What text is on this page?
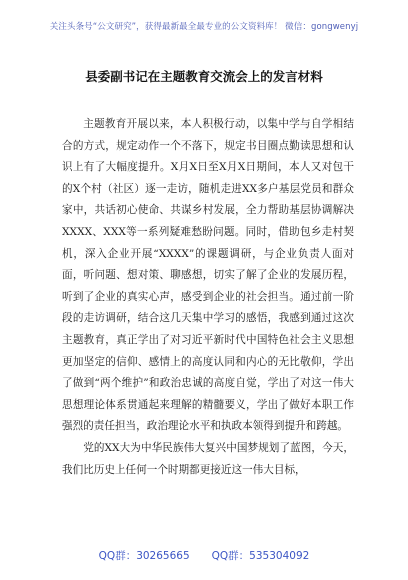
关注头条号“公文研究”，获得最新最全最专业的公文资料库！ 微信：gongwenyj
县委副书记在主题教育交流会上的发言材料

主题教育开展以来，本人积极行动，以集中学与自学相结合的方式，规定动作一个不落下，规定书目圈点勤读思想和认识上有了大幅度提升。X月X日至X月X日期间，本人又对包干的X个村（社区）逐一走访，随机走进XX多户基层党员和群众家中，共话初心使命、共谋乡村发展，全力帮助基层协调解决XXXX、XXX等一系列疑难愁盼问题。同时，借助包乡走村契机，深入企业开展“XXXX”的课题调研，与企业负责人面对面，听问题、想对策、聊感想，切实了解了企业的发展历程，听到了企业的真实心声，感受到企业的社会担当。通过前一阶段的走访调研，结合这几天集中学习的感悟，我感到通过这次主题教育，真正学出了对习近平新时代中国特色社会主义思想更加坚定的信仰、感情上的高度认同和内心的无比敬仰，学出了做到“两个维护”和政治忠诚的高度自觉，学出了对这一伟大思想理论体系贯通起来理解的精髓要义，学出了做好本职工作强烈的责任担当，政治理论水平和执政本领得到提升和跨越。

党的XX大为中华民族伟大复兴中国梦规划了蓝图，今天，我们比历史上任何一个时期都更接近这一伟大目标，

QQ群：30265665 QQ群：535304092
